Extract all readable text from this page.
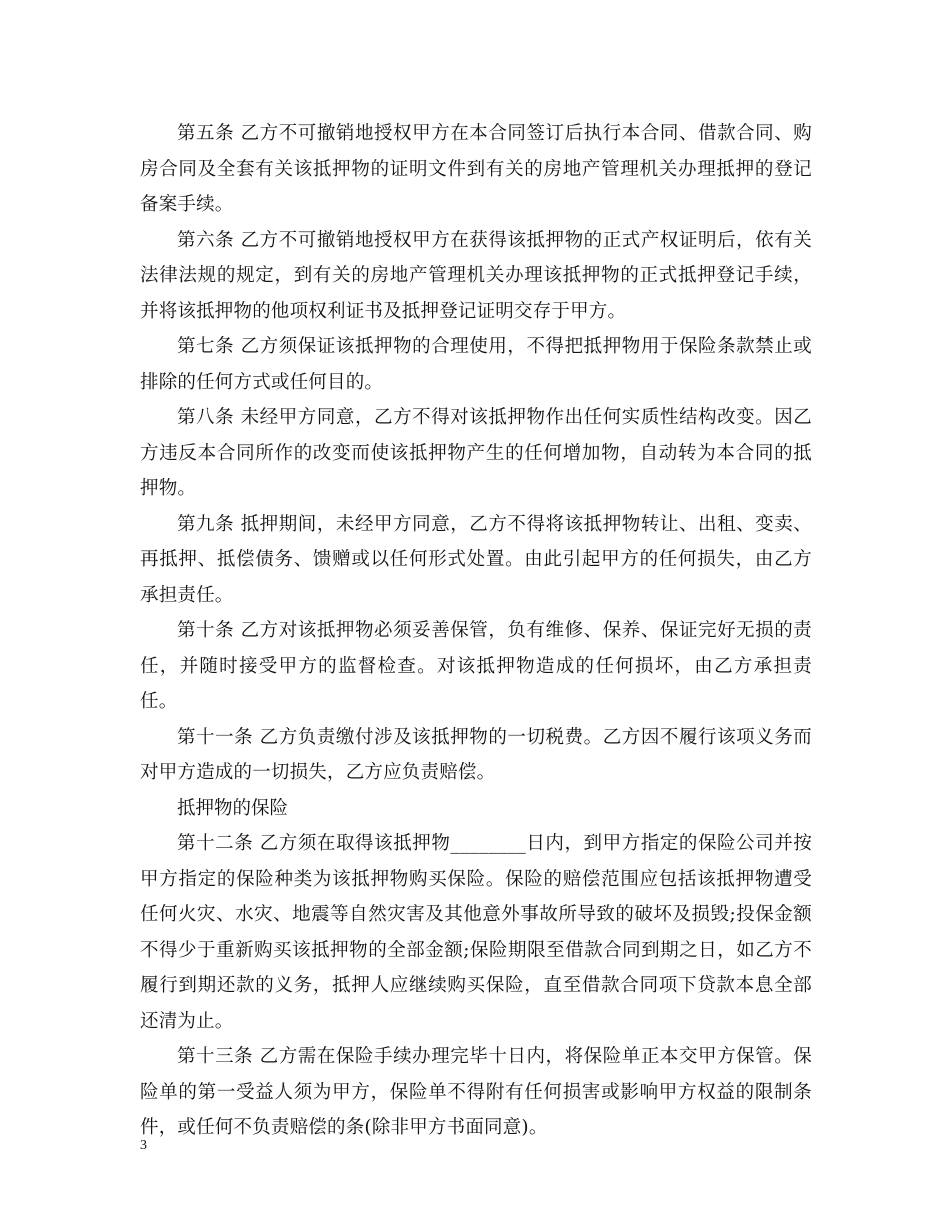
第五条 乙方不可撤销地授权甲方在本合同签订后执行本合同、借款合同、购房合同及全套有关该抵押物的证明文件到有关的房地产管理机关办理抵押的登记备案手续。

第六条 乙方不可撤销地授权甲方在获得该抵押物的正式产权证明后，依有关法律法规的规定，到有关的房地产管理机关办理该抵押物的正式抵押登记手续，并将该抵押物的他项权利证书及抵押登记证明交存于甲方。

第七条 乙方须保证该抵押物的合理使用，不得把抵押物用于保险条款禁止或排除的任何方式或任何目的。

第八条 未经甲方同意，乙方不得对该抵押物作出任何实质性结构改变。因乙方违反本合同所作的改变而使该抵押物产生的任何增加物，自动转为本合同的抵押物。

第九条 抵押期间，未经甲方同意，乙方不得将该抵押物转让、出租、变卖、再抵押、抵偿债务、馈赠或以任何形式处置。由此引起甲方的任何损失，由乙方承担责任。

第十条 乙方对该抵押物必须妥善保管，负有维修、保养、保证完好无损的责任，并随时接受甲方的监督检查。对该抵押物造成的任何损坏，由乙方承担责任。

第十一条 乙方负责缴付涉及该抵押物的一切税费。乙方因不履行该项义务而对甲方造成的一切损失，乙方应负责赔偿。

抵押物的保险

第十二条 乙方须在取得该抵押物________日内，到甲方指定的保险公司并按甲方指定的保险种类为该抵押物购买保险。保险的赔偿范围应包括该抵押物遭受任何火灾、水灾、地震等自然灾害及其他意外事故所导致的破坏及损毁;投保金额不得少于重新购买该抵押物的全部金额;保险期限至借款合同到期之日，如乙方不履行到期还款的义务，抵押人应继续购买保险，直至借款合同项下贷款本息全部还清为止。

第十三条 乙方需在保险手续办理完毕十日内，将保险单正本交甲方保管。保险单的第一受益人须为甲方，保险单不得附有任何损害或影响甲方权益的限制条件，或任何不负责赔偿的条(除非甲方书面同意)。

3
